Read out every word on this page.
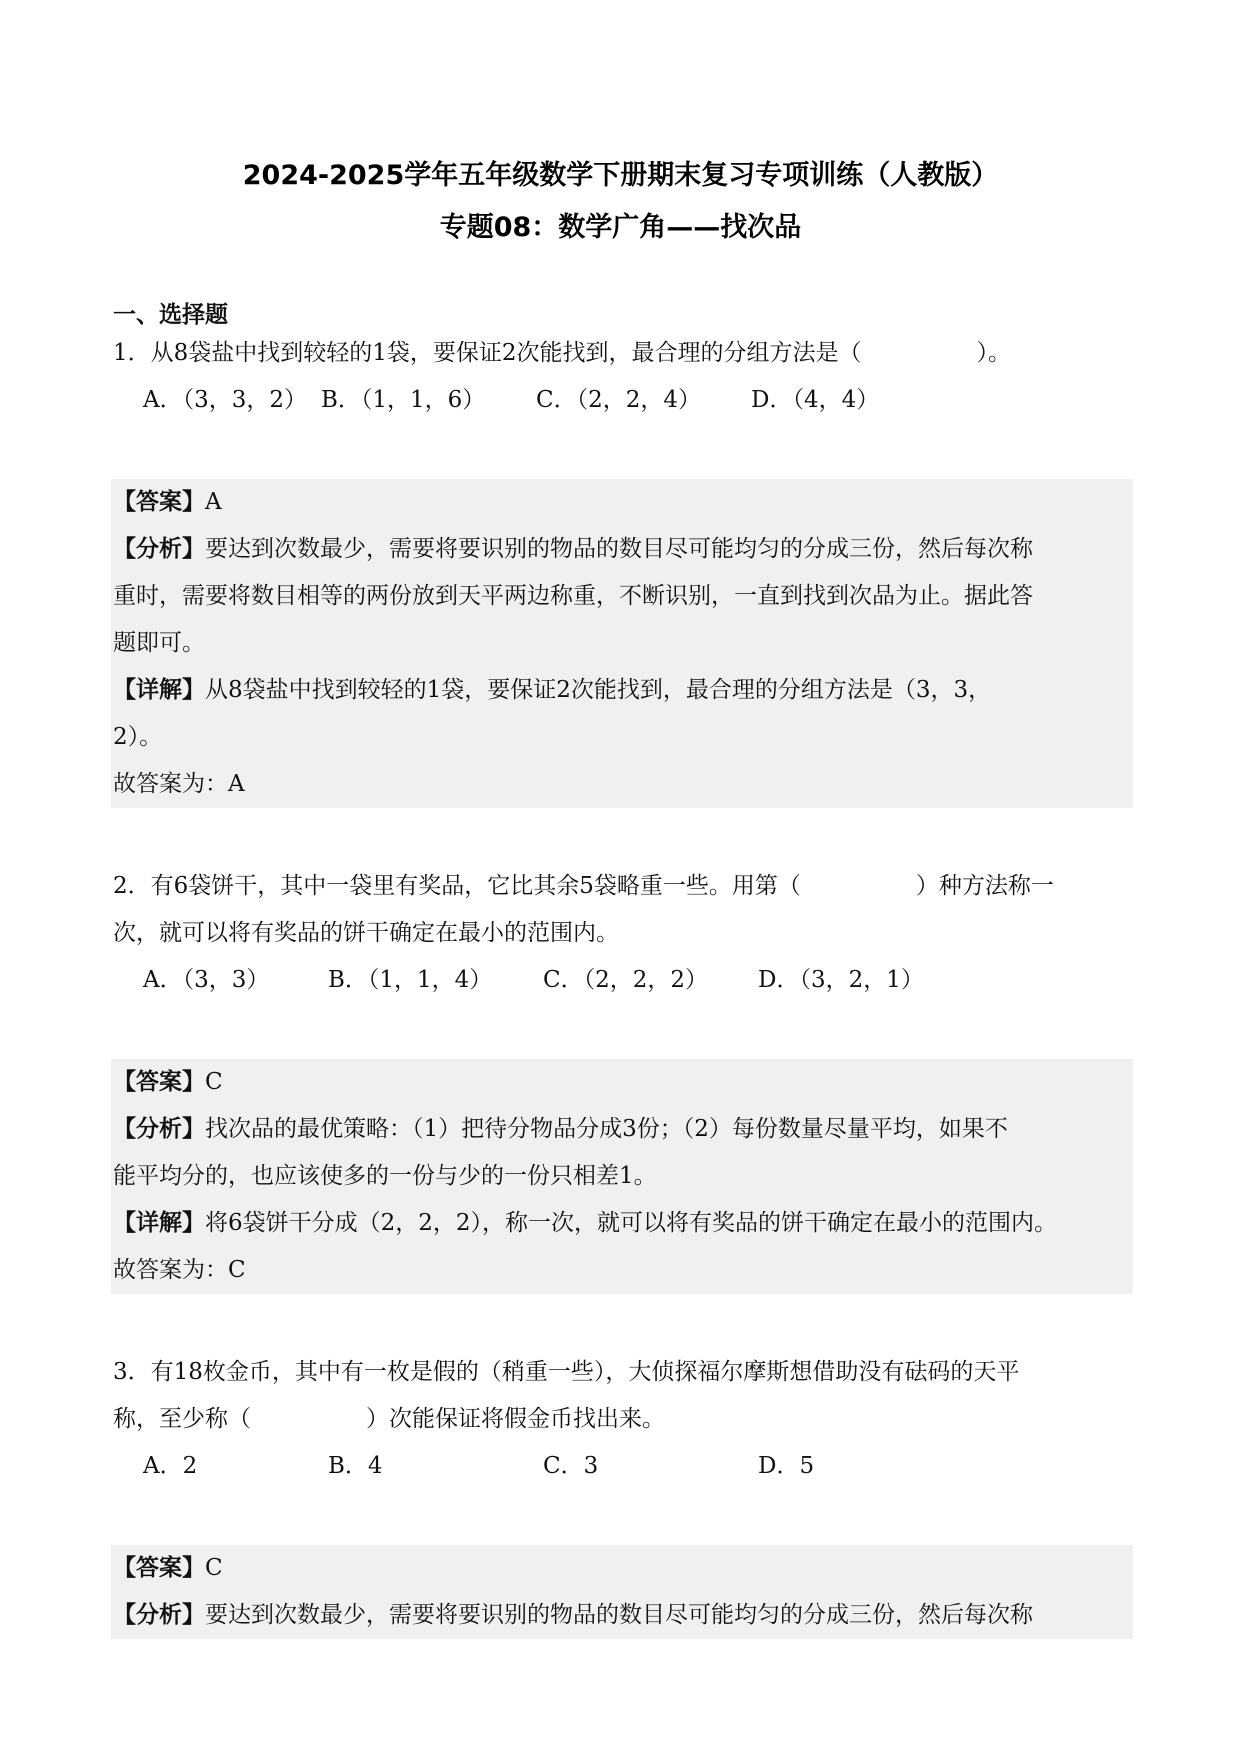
2024-2025学年五年级数学下册期末复习专项训练（人教版）

专题08：数学广角——找次品

一、选择题

1．从8袋盐中找到较轻的1袋，要保证2次能找到，最合理的分组方法是（　　　　　）。

A．（3，3，2） B．（1，1，6）	C．（2，2，4）	D．（4，4）

【答案】A

【分析】要达到次数最少，需要将要识别的物品的数目尽可能均匀的分成三份，然后每次称

重时，需要将数目相等的两份放到天平两边称重，不断识别，一直到找到次品为止。据此答

题即可。

【详解】从8袋盐中找到较轻的1袋，要保证2次能找到，最合理的分组方法是（3，3，

2）。

故答案为：A

2．有6袋饼干，其中一袋里有奖品，它比其余5袋略重一些。用第（　　　　　）种方法称一

次，就可以将有奖品的饼干确定在最小的范围内。

A．（3，3）	B．（1，1，4）	C．（2，2，2）	D．（3，2，1）

【答案】C

【分析】找次品的最优策略：（1）把待分物品分成3份；（2）每份数量尽量平均，如果不

能平均分的，也应该使多的一份与少的一份只相差1。

【详解】将6袋饼干分成（2，2，2），称一次，就可以将有奖品的饼干确定在最小的范围内。

故答案为：C

3．有18枚金币，其中有一枚是假的（稍重一些），大侦探福尔摩斯想借助没有砝码的天平

称，至少称（　　　　　）次能保证将假金币找出来。

A．2	B．4	C．3	D．5

【答案】C

【分析】要达到次数最少，需要将要识别的物品的数目尽可能均匀的分成三份，然后每次称
